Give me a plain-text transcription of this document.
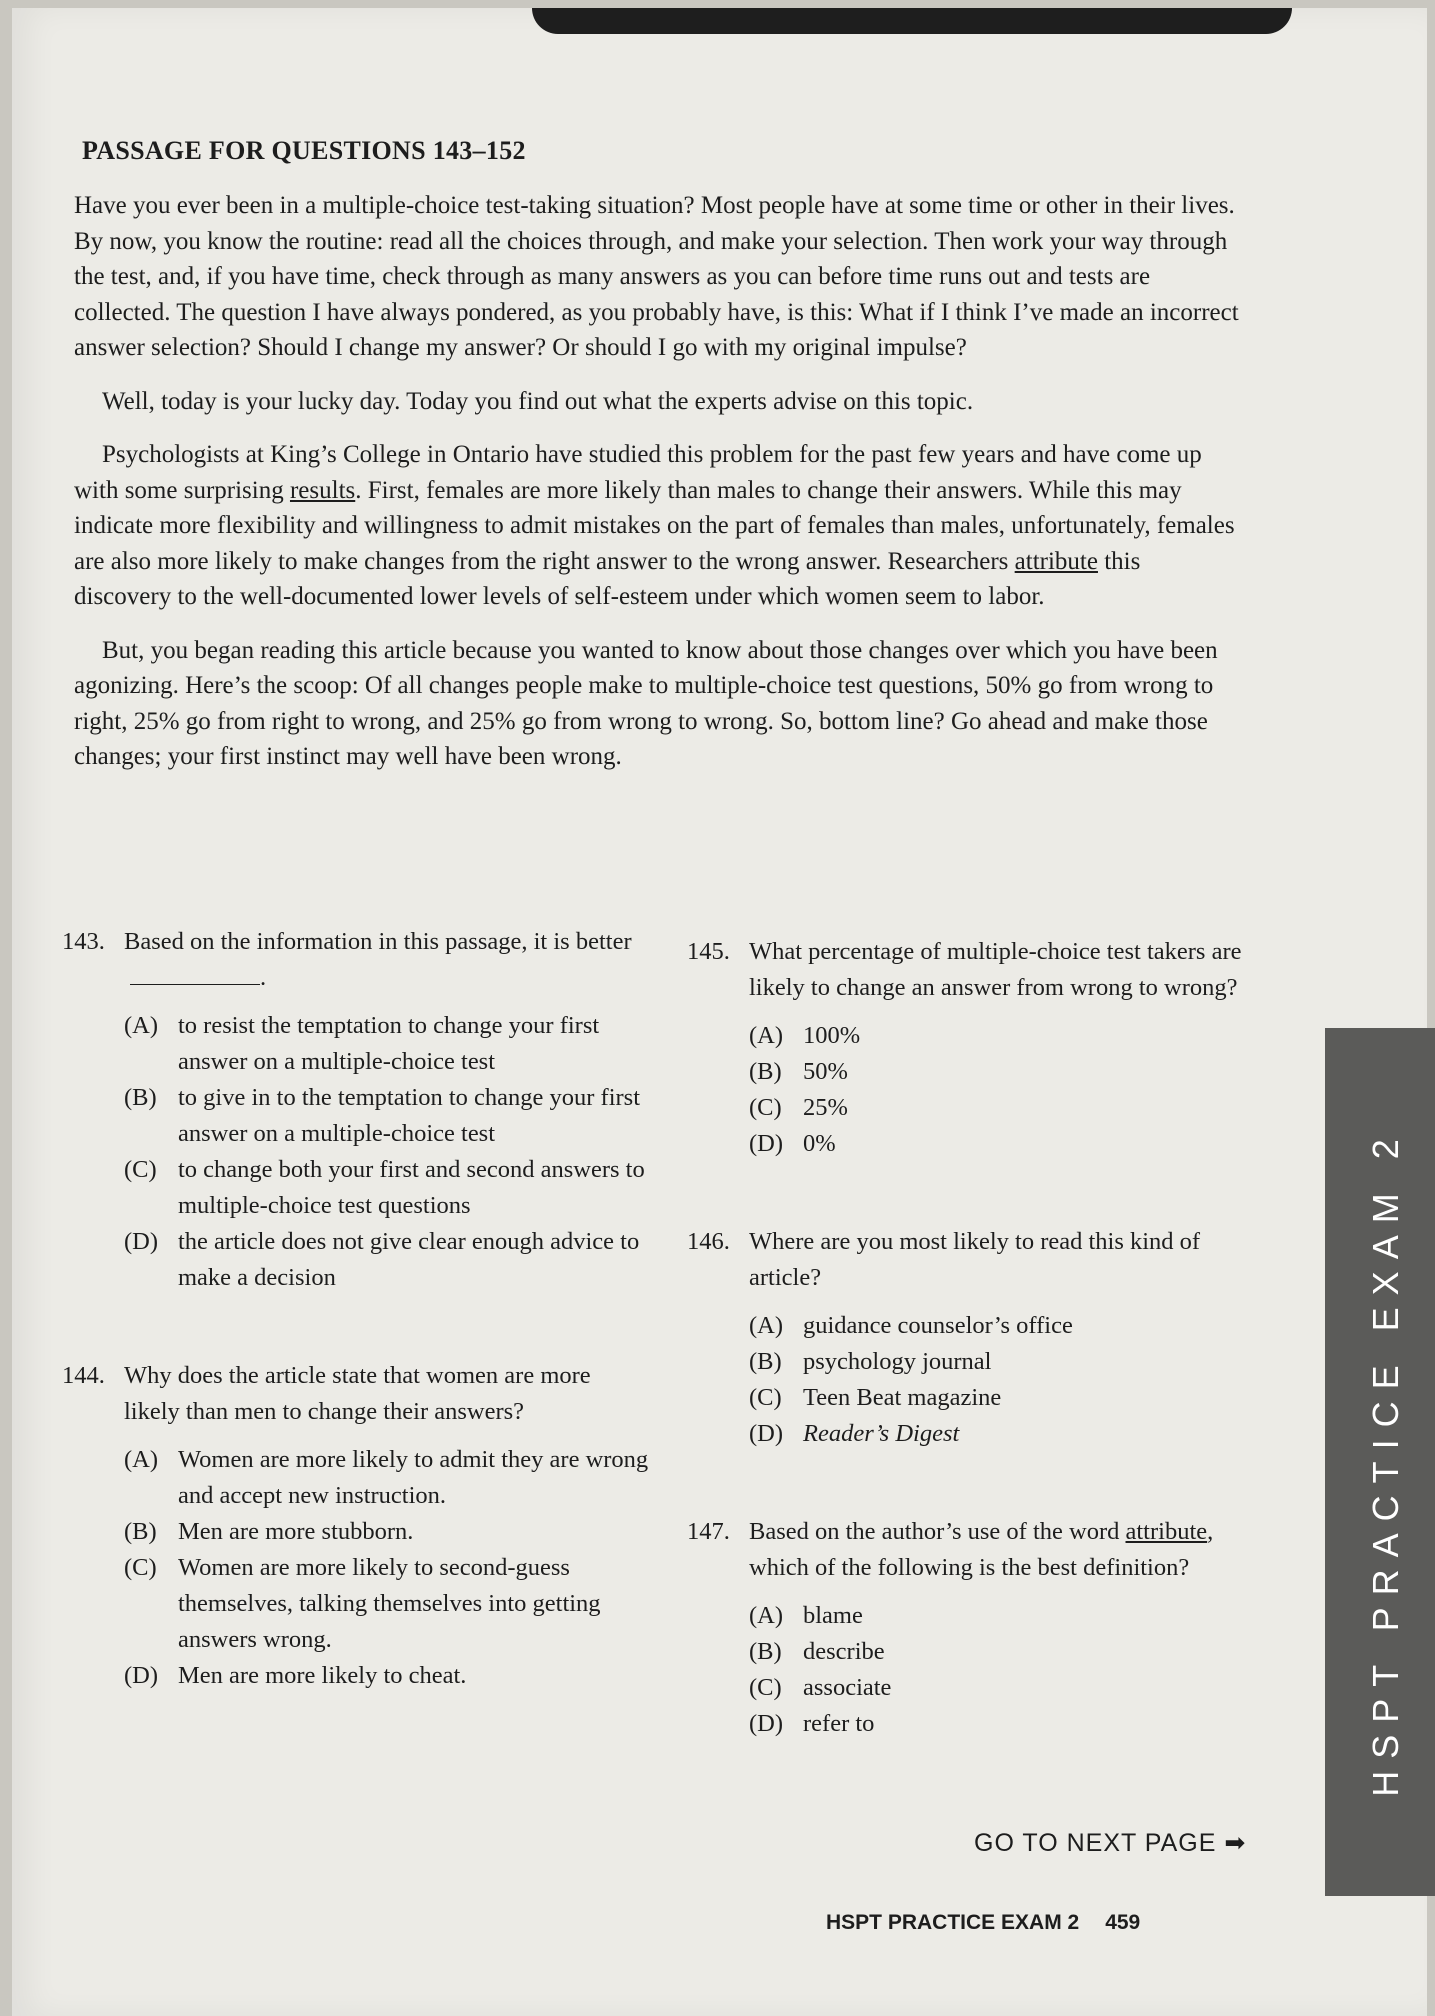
PASSAGE FOR QUESTIONS 143–152

Have you ever been in a multiple-choice test-taking situation? Most people have at some time or other in their lives. By now, you know the routine: read all the choices through, and make your selection. Then work your way through the test, and, if you have time, check through as many answers as you can before time runs out and tests are collected. The question I have always pondered, as you probably have, is this: What if I think I’ve made an incorrect answer selection? Should I change my answer? Or should I go with my original impulse?

Well, today is your lucky day. Today you find out what the experts advise on this topic.

Psychologists at King’s College in Ontario have studied this problem for the past few years and have come up with some surprising results. First, females are more likely than males to change their answers. While this may indicate more flexibility and willingness to admit mistakes on the part of females than males, unfortunately, females are also more likely to make changes from the right answer to the wrong answer. Researchers attribute this discovery to the well-documented lower levels of self-esteem under which women seem to labor.

But, you began reading this article because you wanted to know about those changes over which you have been agonizing. Here’s the scoop: Of all changes people make to multiple-choice test questions, 50% go from wrong to right, 25% go from right to wrong, and 25% go from wrong to wrong. So, bottom line? Go ahead and make those changes; your first instinct may well have been wrong.

143. Based on the information in this passage, it is better.
(A) to resist the temptation to change your first answer on a multiple-choice test
(B) to give in to the temptation to change your first answer on a multiple-choice test
(C) to change both your first and second answers to multiple-choice test questions
(D) the article does not give clear enough advice to make a decision
144. Why does the article state that women are more likely than men to change their answers?
(A) Women are more likely to admit they are wrong and accept new instruction.
(B) Men are more stubborn.
(C) Women are more likely to second-guess themselves, talking themselves into getting answers wrong.
(D) Men are more likely to cheat.
145. What percentage of multiple-choice test takers are likely to change an answer from wrong to wrong?
(A) 100%
(B) 50%
(C) 25%
(D) 0%
146. Where are you most likely to read this kind of article?
(A) guidance counselor’s office
(B) psychology journal
(C) Teen Beat magazine
(D) Reader’s Digest
147. Based on the author’s use of the word attribute, which of the following is the best definition?
(A) blame
(B) describe
(C) associate
(D) refer to	HSPT PRACTICE EXAM 2
GO TO NEXT PAGE ➡
HSPT PRACTICE EXAM 2 459
